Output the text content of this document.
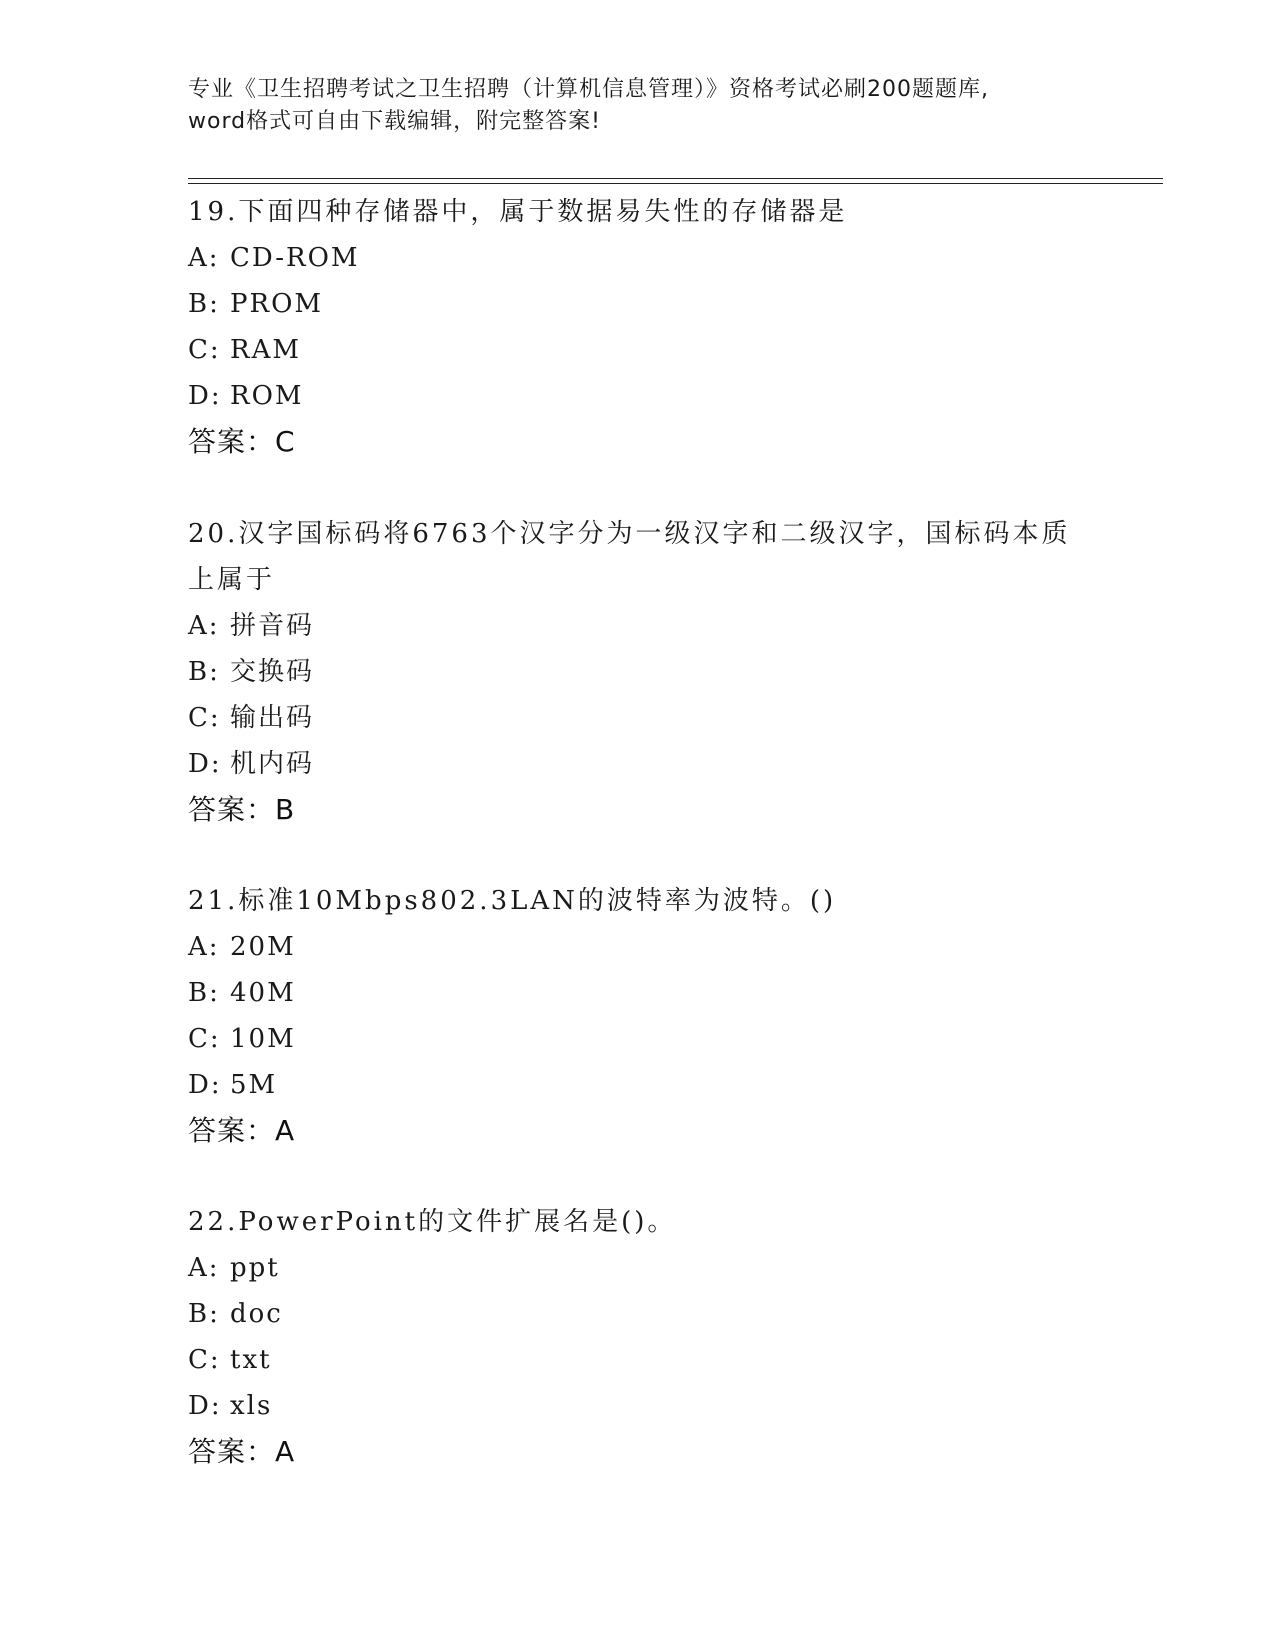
专业《卫生招聘考试之卫生招聘（计算机信息管理）》资格考试必刷200题题库,
word格式可自由下载编辑，附完整答案!
19.下面四种存储器中，属于数据易失性的存储器是
A: CD-ROM
B: PROM
C: RAM
D: ROM
答案：C
20.汉字国标码将6763个汉字分为一级汉字和二级汉字，国标码本质
上属于
A: 拼音码
B: 交换码
C: 输出码
D: 机内码
答案：B
21.标准10Mbps802.3LAN的波特率为波特。()
A: 20M
B: 40M
C: 10M
D: 5M
答案：A
22.PowerPoint的文件扩展名是()。
A: ppt
B: doc
C: txt
D: xls
答案：A
